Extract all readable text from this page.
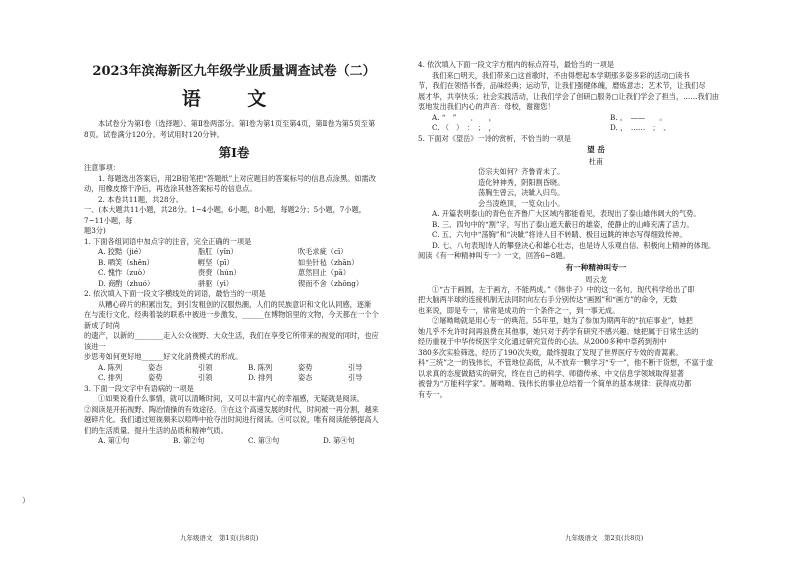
2023年滨海新区九年级学业质量调查试卷（二）
语 文

本试卷分为第Ⅰ卷（选择题）、第Ⅱ卷两部分。第Ⅰ卷为第1页至第4页，第Ⅱ卷为第5页至第

8页。试卷满分120分。考试用时120分钟。

第Ⅰ卷

注意事项：

1. 每题选出答案后，用2B铅笔把“答题纸”上对应题目的答案标号的信息点涂黑。如需改

动，用橡皮擦干净后，再选涂其他答案标号的信息点。

2. 本卷共11题，共28分。

一、(本大题共11小题，共28分。1~4小题，6小题，8小题，每题2分；5小题，7小题，7~11小题，每

题3分)

1. 下面各组词语中加点字的注音，完全正确的一项是

A. 狡黠（jié）	脂肛（yǐn）	吹毛求疵（cī）
B. 哂笑（shěn）	孵坚（pī）	如坐针毡（zhān）
C. 愧怍（zuò）	赍赍（hún）	葸然回止（pā）
D. 商酌（zhuó）	骈驱（yì）	锲而不舍（zhōng）

2. 依次填入下面一段文字横线处的词语，最恰当的一项是

从糟心碎片的积累出发，到引发粗创的汉服热潮，人们的民族意识和文化认同感，逐渐

在与流行文化、经典着装的联系中被进一步激发，______在博物馆里的文物，今天都在一个个新成了时尚

的遗产，以新的________走入公众视野、大众生活，我们在享受它所带来的视觉的同时，也应该进一

步思考如何更好地______好文化消费模式的形成。

A. 陈列	姿态	引领	B. 陈列	姿势	引导
C. 排列	姿势	引领	D. 排列	姿态	引导

3. 下面一段文字中有语病的一项是

①如果说看什么事情，就可以清晰时间，又可以丰富内心的幸福感，无疑就是阅读。

②阅读是开拓视野、陶冶情操的有效途径。③在这个高速发展的时代，时间被一再分割，越来

越碎片化。我们通过短视频来以喧哗中抢夺出时间进行阅读。④可以说，唯有阅读能够提高人

们的生活质量、提升生活的品质和精神气质。

A. 第①句	B. 第②句	C. 第③句	D. 第④句
九年级语文　第1页(共8页)
）

4. 依次填入下面一段文字方框内的标点符号，最恰当的一项是

我们来□明天，我们带来□这首歌时，不由得想起本学期那多姿多彩的活动□读书

节，我们在领悟书香，品味经典；运动节，让我们强健体魄，磨炼意志；艺术节，让我们尽

展才华，共享快乐；社会实践活动，让我们学会了创研□服务□让我们学会了担当，……我们由

衷地发出我们内心的声音：母校，谢谢您！

A. “　”　　．　　，	B. 。　——　　。
C. （　）　：　；　，	D. ，　……　；　、

5. 下面对《望岳》一诗的赏析，不恰当的一项是

望 岳
杜甫

岱宗夫如何？齐鲁青未了。

造化钟神秀，阴阳割昏晓。

荡胸生曾云，决眦入归鸟。

会当凌绝顶，一览众山小。

A. 开篇表明泰山的青色在齐鲁广大区域内都能看见，表现出了泰山雄伟阔大的气势。

B. 三、四句中的“割”字，写出了泰山遮天蔽日的雄姿，使静止的山峰充满了活力。

C. 五、六句中“荡胸”和“决眦”将诗人目不转睛、极目远眺的神态写得细致传神。

D. 七、八句表现诗人的攀登决心和雄心壮志，也是诗人乐观自信、积极向上精神的体现。

阅读《有一种精神叫专一》一文，回答6~8题。

有一种精神叫专一
周云龙

①“古于画圆，左于画方，不能两成。”《韩非子》中的这一名句，现代科学给出了即

把大脑两半球的连接机制无法同时向左右手分别传达“画圆”和“画方”的命令，无数

也来说，即是专一，常常是成功的一个条件之一，到一事无成。

②屠呦呦就是用心专一的典范。55年里，她为了参加为期两年的“抗疟事业”，她把

她几乎不允许时间再浪费在其他事，她只对于药学有研究不感兴趣。她把属于日常生活的

经历重视于中华传统医学文化通过研究宣传的心法。从2000多种中草药到剂中

380多次实验筛选，经历了190次失败，最终提取了发现了世界医疗专效的青蒿素。

科“三统”之一的钱伟长，不管地位高低，从不放弃一颗学习“专一”，他不断干货想，不富于虚

以求真的态度做踏实的研究，终在自己的科学、师德传承、中文信息学领域取得显著

被誉为“万能科学家”。屠呦呦、钱伟长的事业总结着一个简单的基本规律：获得成功都

有专一。

九年级语文　第2页(共8页)
